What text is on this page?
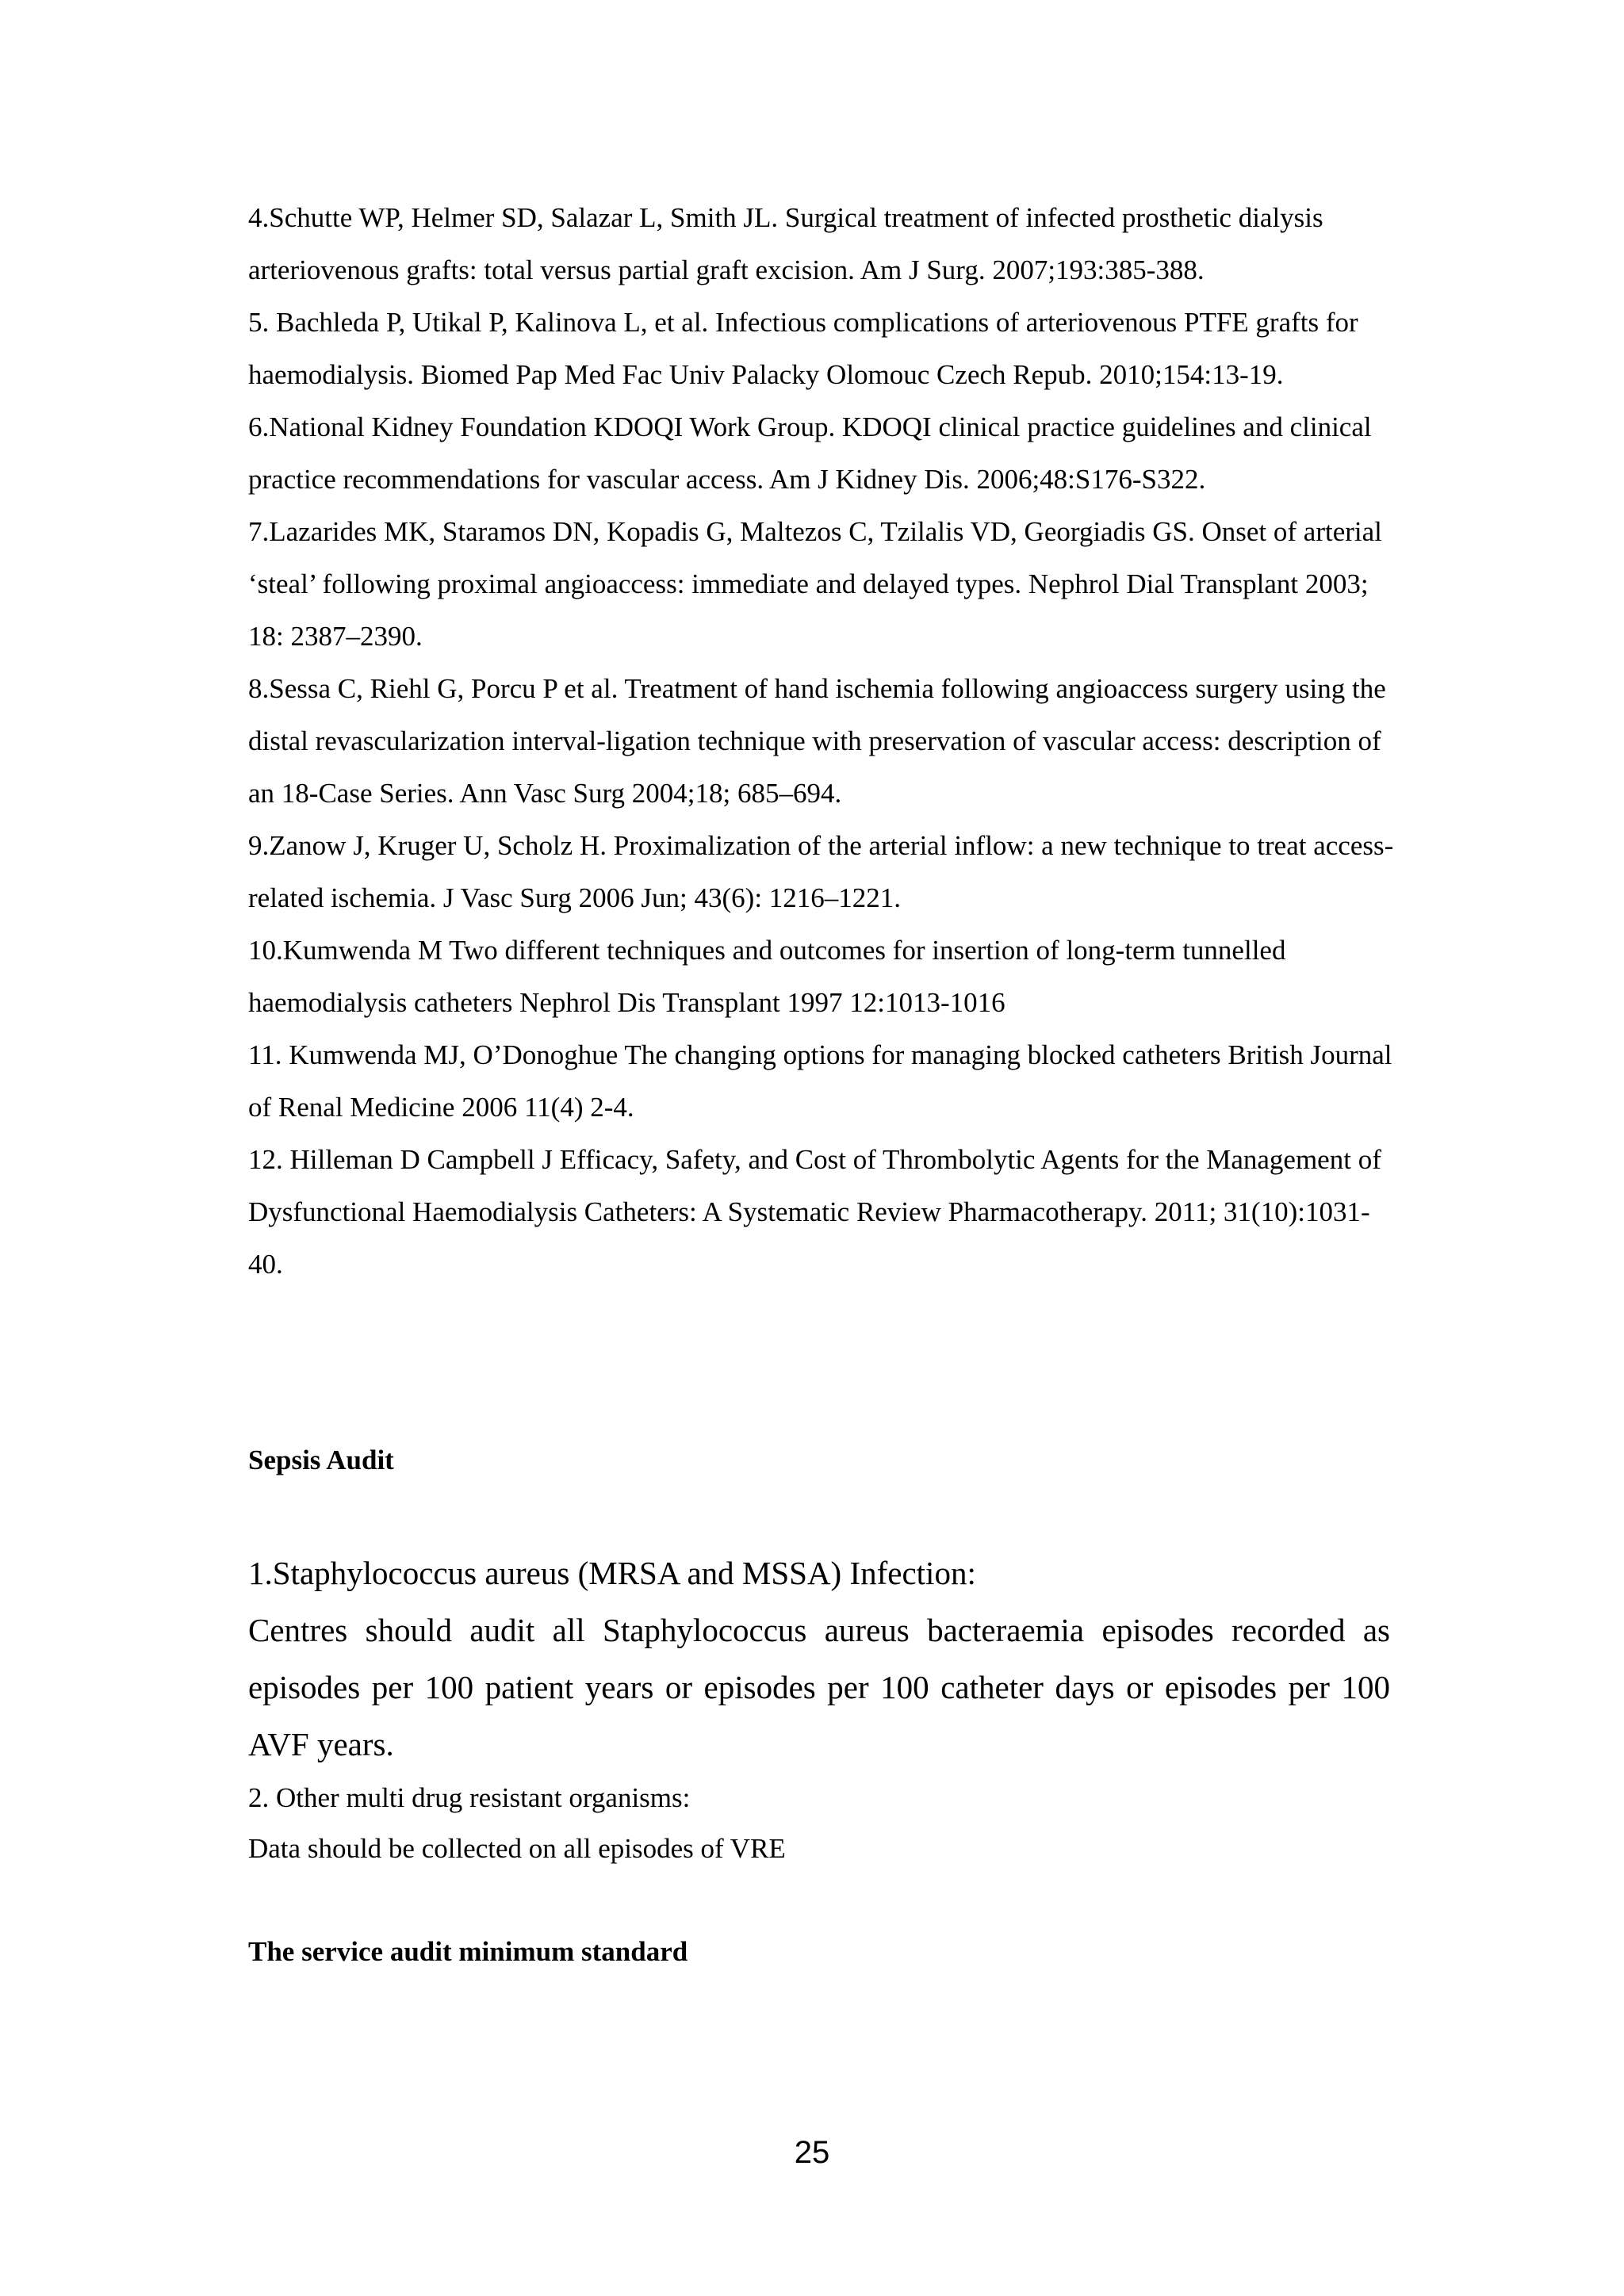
4.Schutte WP, Helmer SD, Salazar L, Smith JL. Surgical treatment of infected prosthetic dialysis arteriovenous grafts: total versus partial graft excision. Am J Surg. 2007;193:385-388.

5. Bachleda P, Utikal P, Kalinova L, et al. Infectious complications of arteriovenous PTFE grafts for haemodialysis. Biomed Pap Med Fac Univ Palacky Olomouc Czech Repub. 2010;154:13-19.

6.National Kidney Foundation KDOQI Work Group. KDOQI clinical practice guidelines and clinical practice recommendations for vascular access. Am J Kidney Dis. 2006;48:S176-S322.

7.Lazarides MK, Staramos DN, Kopadis G, Maltezos C, Tzilalis VD, Georgiadis GS. Onset of arterial ‘steal’ following proximal angioaccess: immediate and delayed types. Nephrol Dial Transplant 2003; 18: 2387–2390.

8.Sessa C, Riehl G, Porcu P et al. Treatment of hand ischemia following angioaccess surgery using the distal revascularization interval-ligation technique with preservation of vascular access: description of an 18-Case Series. Ann Vasc Surg 2004;18; 685–694.

9.Zanow J, Kruger U, Scholz H. Proximalization of the arterial inflow: a new technique to treat access-related ischemia. J Vasc Surg 2006 Jun; 43(6): 1216–1221.

10.Kumwenda M Two different techniques and outcomes for insertion of long-term tunnelled haemodialysis catheters Nephrol Dis Transplant 1997 12:1013-1016

11. Kumwenda MJ, O’Donoghue The changing options for managing blocked catheters British Journal of Renal Medicine 2006 11(4) 2-4.

12. Hilleman D Campbell J Efficacy, Safety, and Cost of Thrombolytic Agents for the Management of Dysfunctional Haemodialysis Catheters: A Systematic Review Pharmacotherapy. 2011; 31(10):1031-40.

Sepsis Audit

1.Staphylococcus aureus (MRSA and MSSA) Infection:

Centres should audit all Staphylococcus aureus bacteraemia episodes recorded as episodes per 100 patient years or episodes per 100 catheter days or episodes per 100 AVF years.

2. Other multi drug resistant organisms:

Data should be collected on all episodes of VRE

The service audit minimum standard
25
